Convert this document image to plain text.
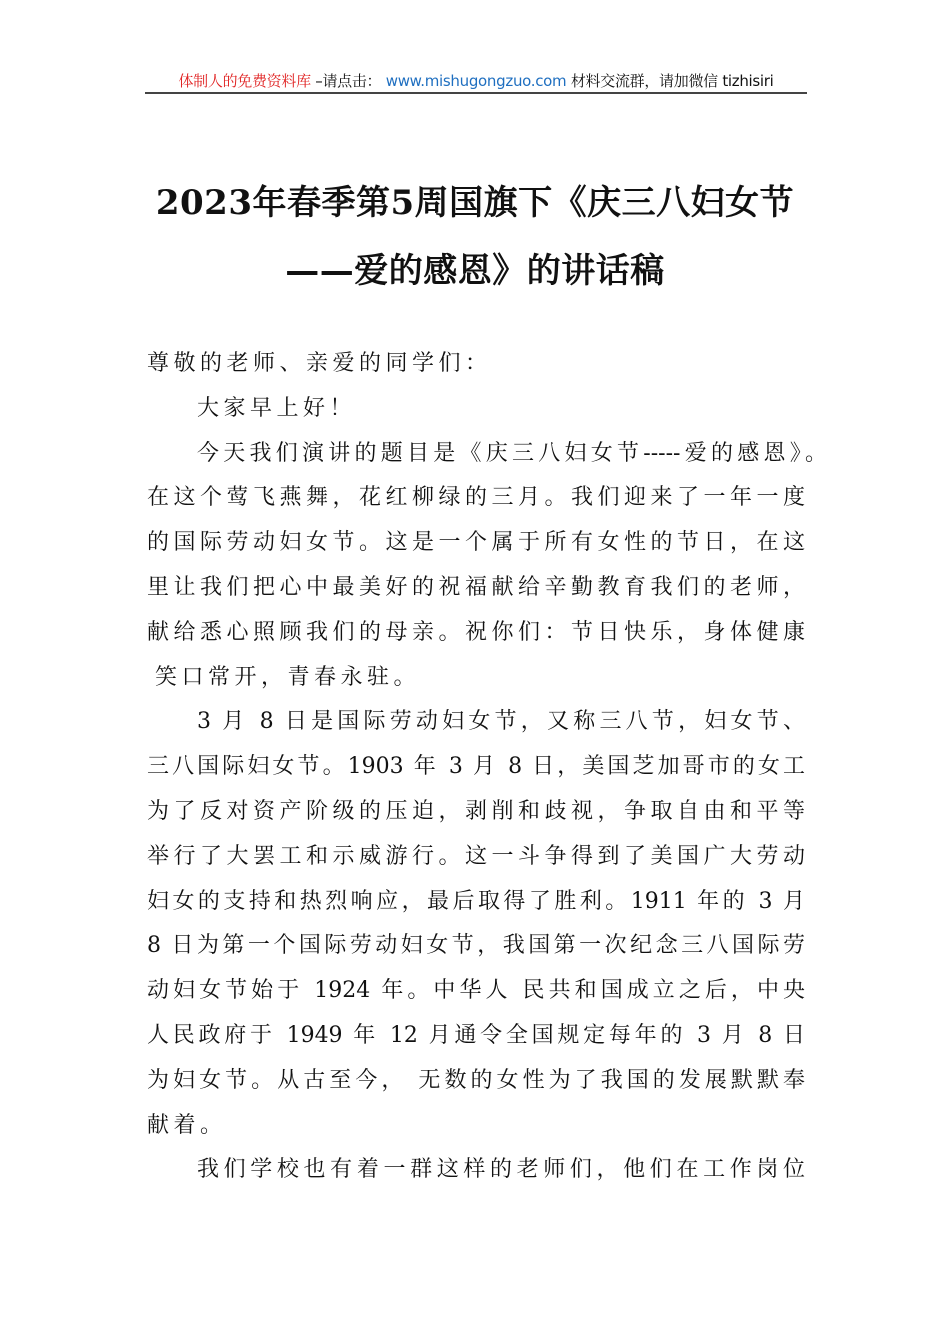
体制人的免费资料库 –请点击： www.mishugongzuo.com 材料交流群，请加微信 tizhisiri
2023年春季第5周国旗下《庆三八妇女节
——爱的感恩》的讲话稿
尊敬的老师、亲爱的同学们：
大家早上好！
今天我们演讲的题目是《庆三八妇女节-----爱的感恩》。
在这个莺飞燕舞，花红柳绿的三月。我们迎来了一年一度
的国际劳动妇女节。这是一个属于所有女性的节日，在这
里让我们把心中最美好的祝福献给辛勤教育我们的老师，
献给悉心照顾我们的母亲。祝你们：节日快乐，身体健康
笑口常开，青春永驻。
3 月 8 日是国际劳动妇女节，又称三八节，妇女节、
三八国际妇女节。1903 年 3 月 8 日，美国芝加哥市的女工
为了反对资产阶级的压迫，剥削和歧视，争取自由和平等
举行了大罢工和示威游行。这一斗争得到了美国广大劳动
妇女的支持和热烈响应，最后取得了胜利。1911 年的 3 月
8 日为第一个国际劳动妇女节，我国第一次纪念三八国际劳
动妇女节始于 1924 年。中华人 民共和国成立之后，中央
人民政府于 1949 年 12 月通令全国规定每年的 3 月 8 日
为妇女节。从古至今， 无数的女性为了我国的发展默默奉
献着。
我们学校也有着一群这样的老师们，他们在工作岗位
